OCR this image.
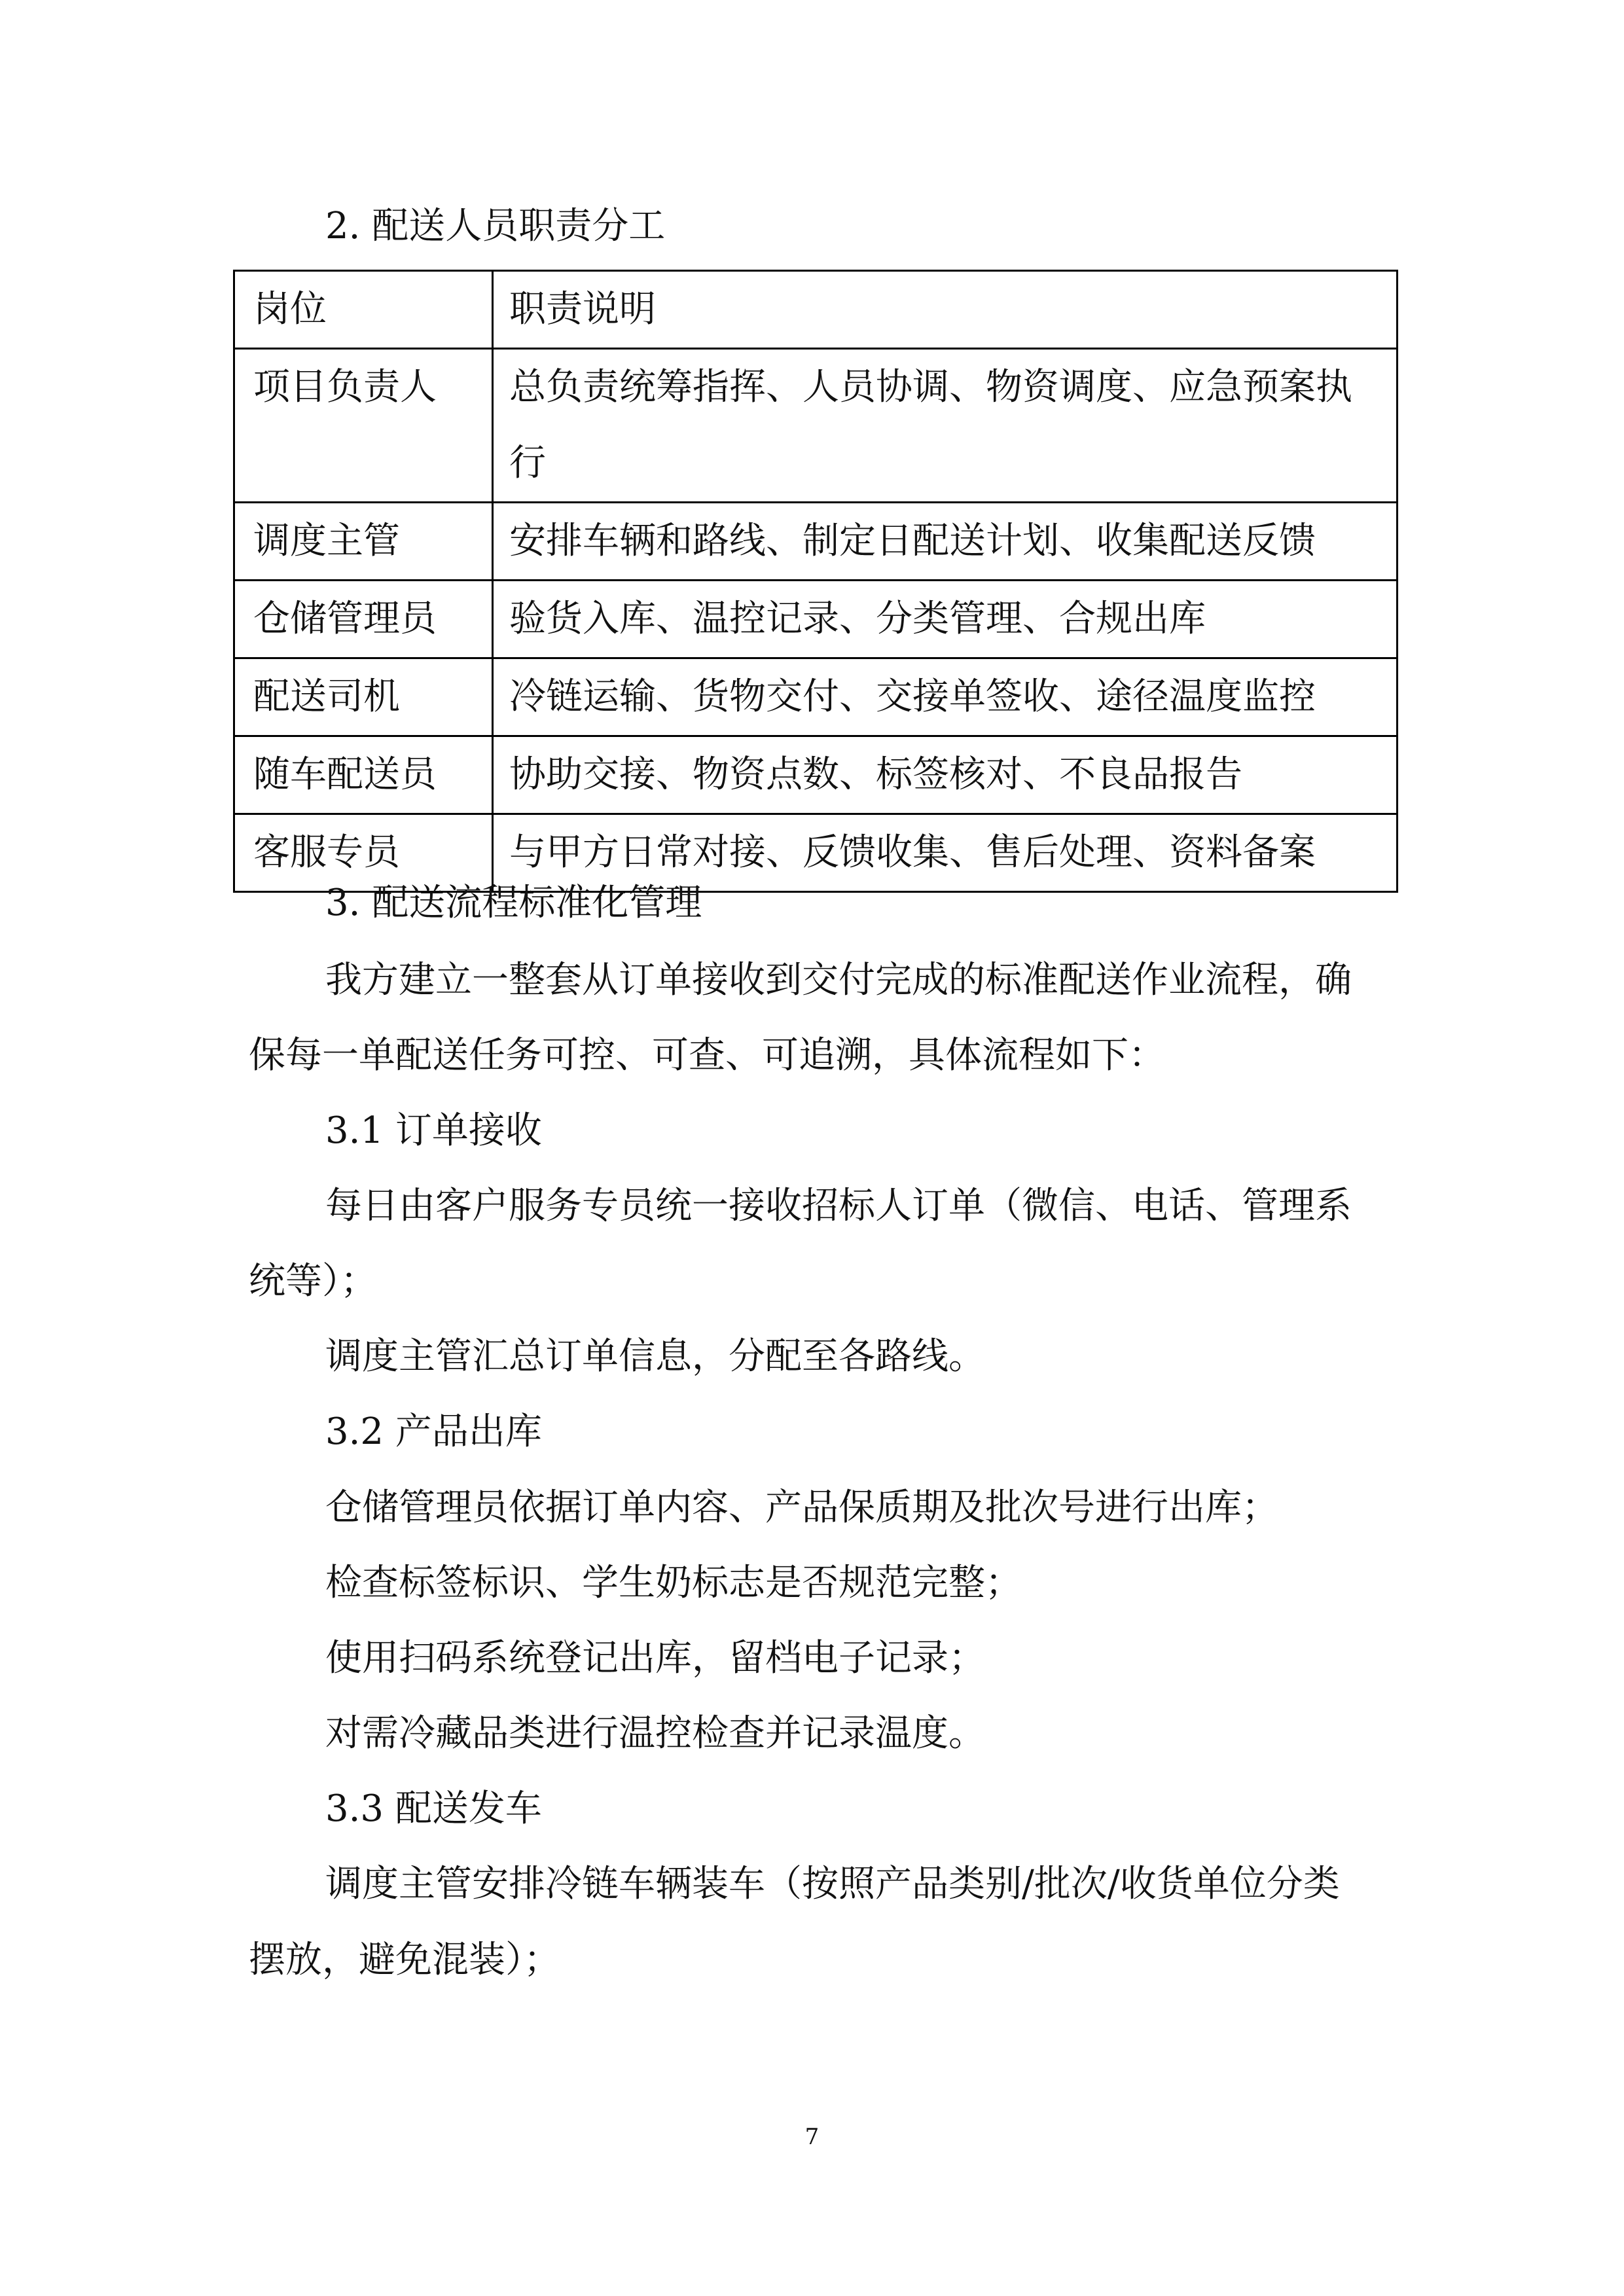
2. 配送人员职责分工
岗位	职责说明
项目负责人	总负责统筹指挥、人员协调、物资调度、应急预案执行
调度主管	安排车辆和路线、制定日配送计划、收集配送反馈
仓储管理员	验货入库、温控记录、分类管理、合规出库
配送司机	冷链运输、货物交付、交接单签收、途径温度监控
随车配送员	协助交接、物资点数、标签核对、不良品报告
客服专员	与甲方日常对接、反馈收集、售后处理、资料备案
3. 配送流程标准化管理
我方建立一整套从订单接收到交付完成的标准配送作业流程，确
保每一单配送任务可控、可查、可追溯，具体流程如下：
3.1 订单接收
每日由客户服务专员统一接收招标人订单（微信、电话、管理系
统等）；
调度主管汇总订单信息，分配至各路线。
3.2 产品出库
仓储管理员依据订单内容、产品保质期及批次号进行出库；
检查标签标识、学生奶标志是否规范完整；
使用扫码系统登记出库，留档电子记录；
对需冷藏品类进行温控检查并记录温度。
3.3 配送发车
调度主管安排冷链车辆装车（按照产品类别/批次/收货单位分类
摆放，避免混装）；
7
